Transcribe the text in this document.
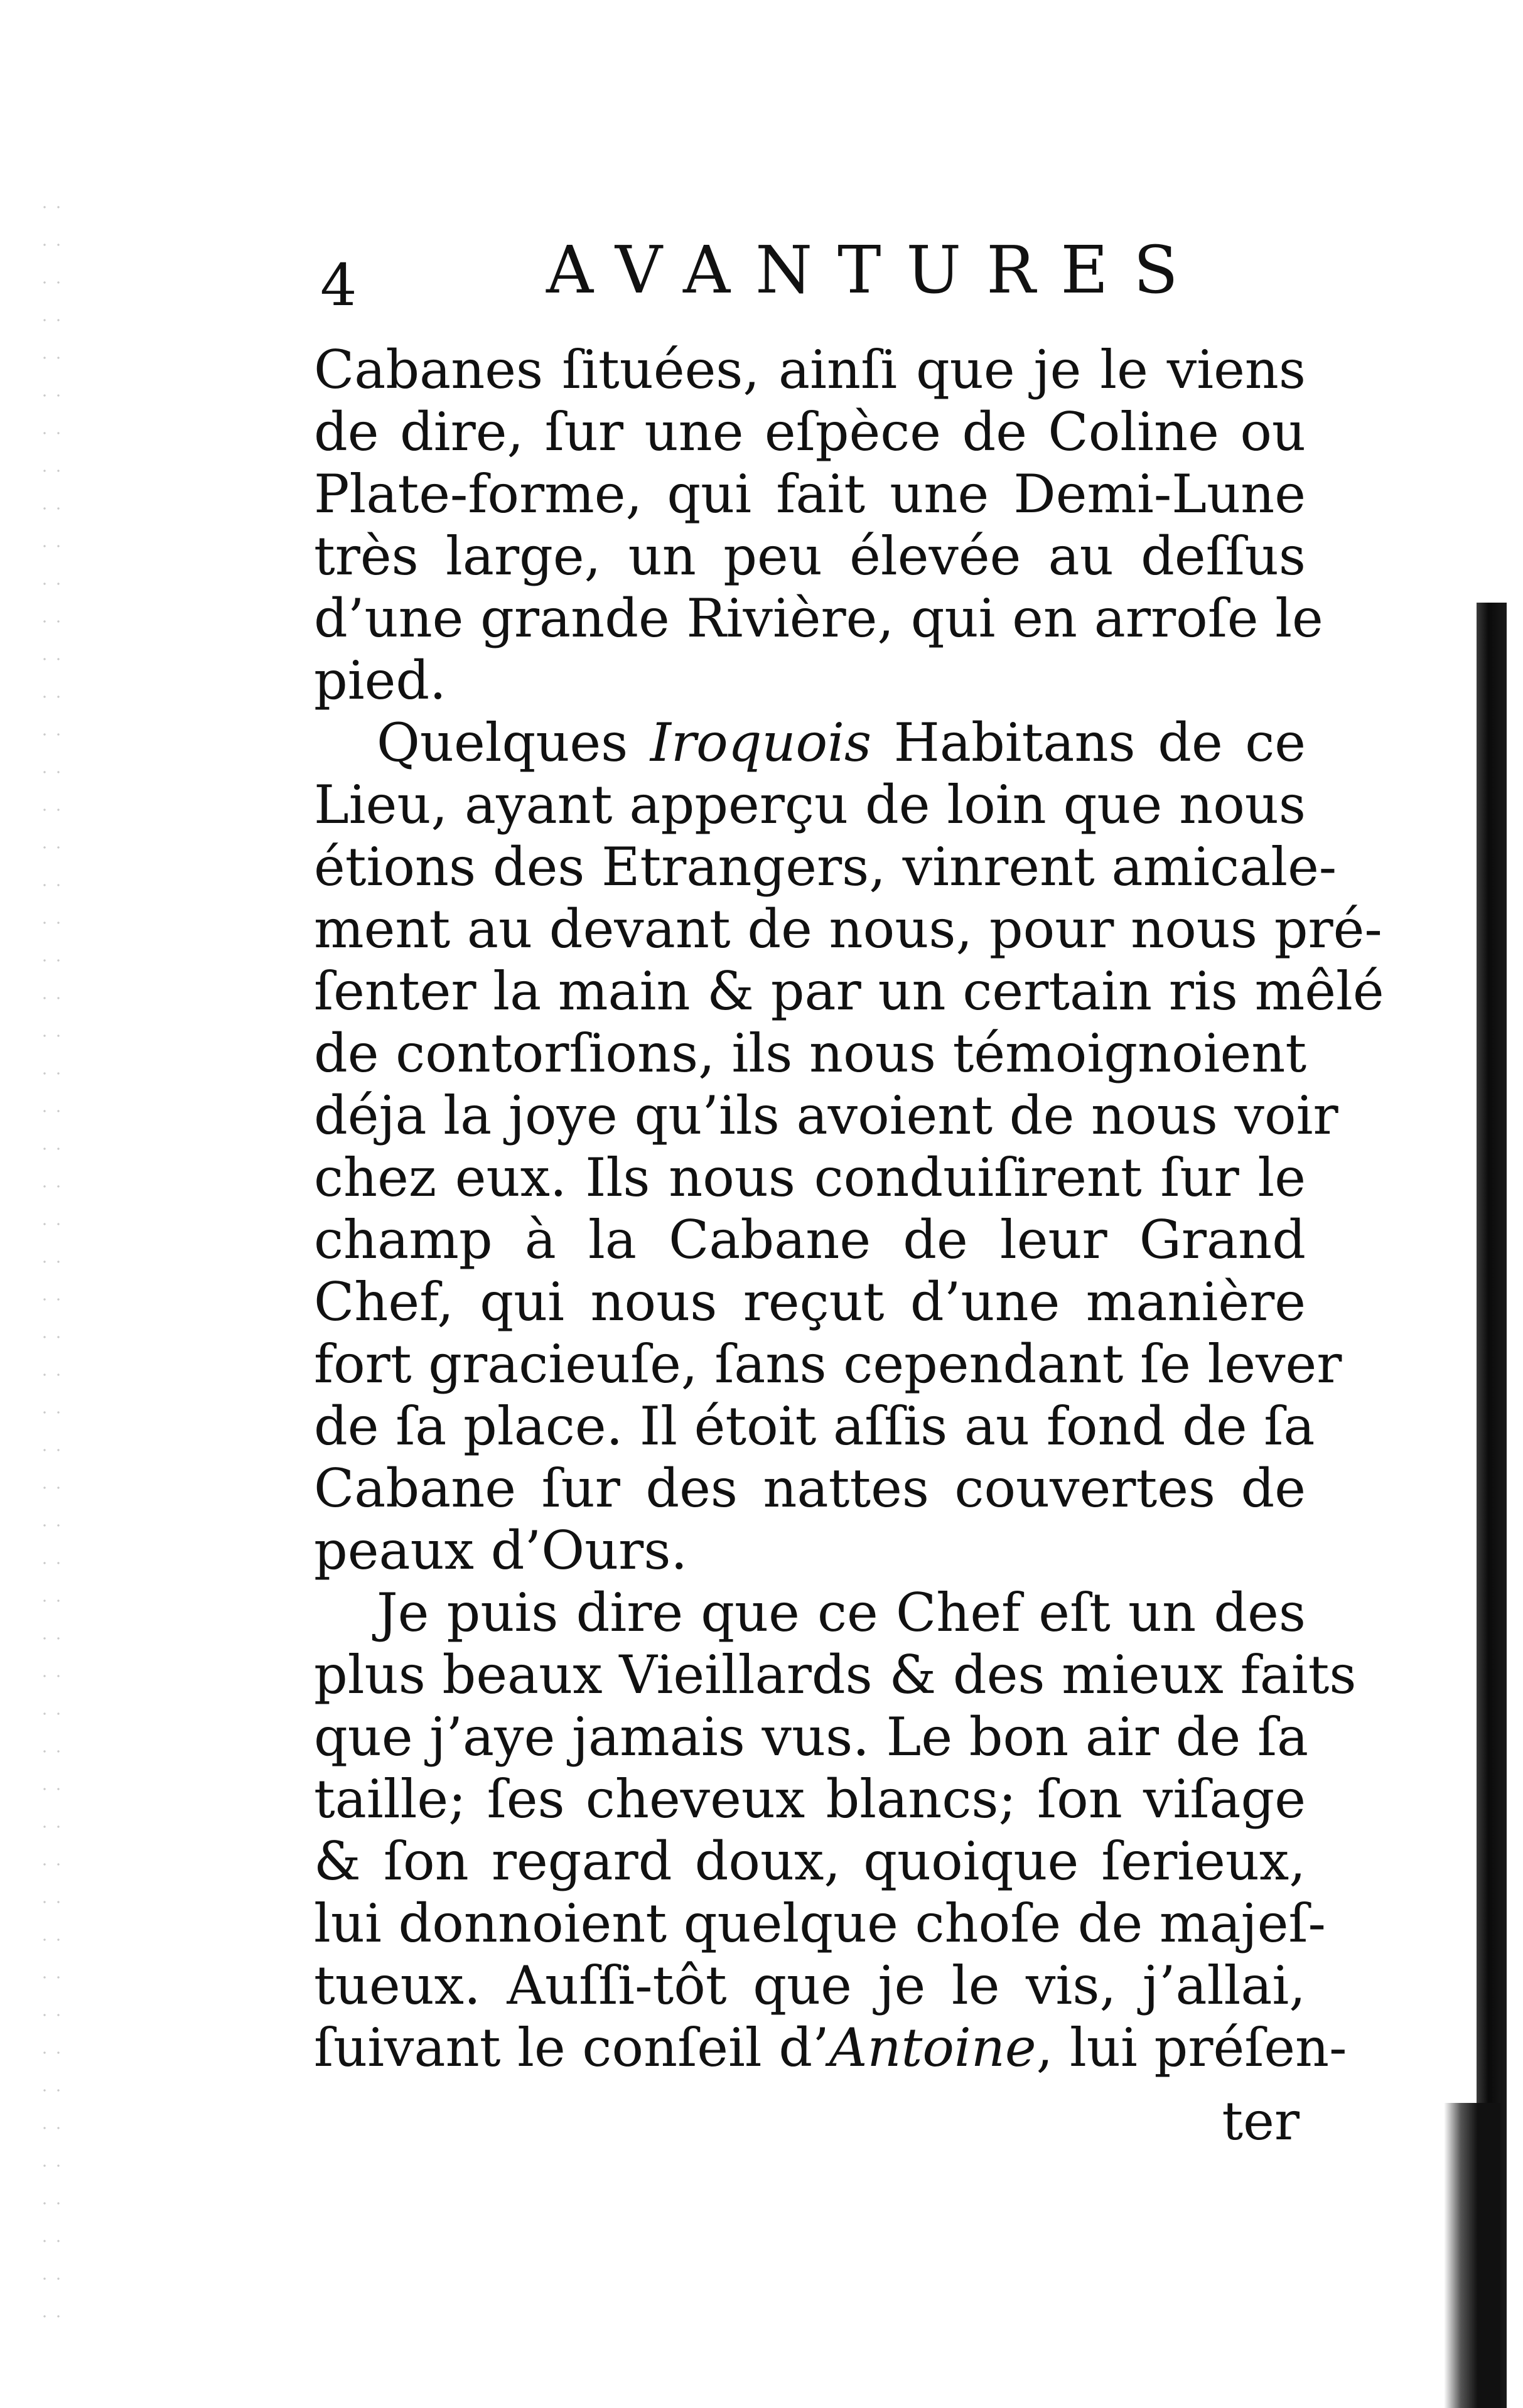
4	AVANTURES
Cabanes ſituées, ainſi que je le viens
de dire, ſur une eſpèce de Coline ou
Plate-forme, qui fait une Demi-Lune
très large, un peu élevée au deſſus
d’une grande Rivière, qui en arroſe le
pied.
Quelques Iroquois Habitans de ce
Lieu, ayant apperçu de loin que nous
étions des Etrangers, vinrent amicale-
ment au devant de nous, pour nous pré-
ſenter la main & par un certain ris mêlé
de contorſions, ils nous témoignoient
déja la joye qu’ils avoient de nous voir
chez eux. Ils nous conduiſirent ſur le
champ à la Cabane de leur Grand
Chef, qui nous reçut d’une manière
fort gracieuſe, ſans cependant ſe lever
de ſa place. Il étoit aſſis au fond de ſa
Cabane ſur des nattes couvertes de
peaux d’Ours.
Je puis dire que ce Chef eſt un des
plus beaux Vieillards & des mieux faits
que j’aye jamais vus. Le bon air de ſa
taille; ſes cheveux blancs; ſon viſage
& ſon regard doux, quoique ſerieux,
lui donnoient quelque choſe de majeſ-
tueux. Auſſi-tôt que je le vis, j’allai,
ſuivant le conſeil d’Antoine, lui préſen-
ter
